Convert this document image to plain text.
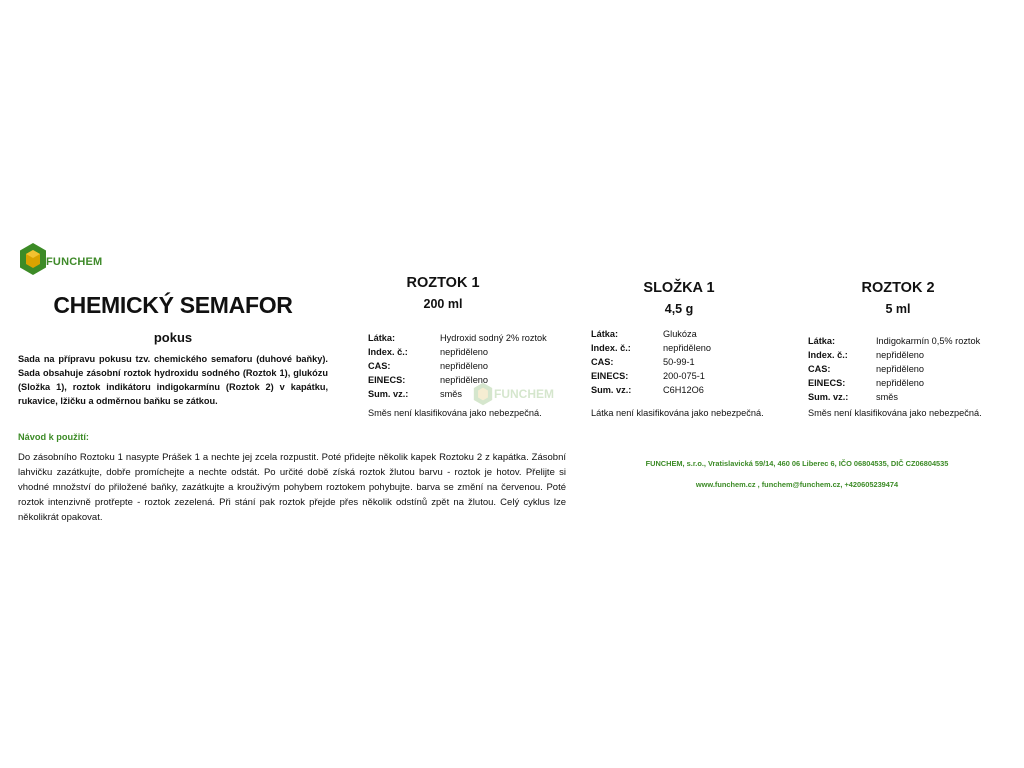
FUNCHEM
CHEMICKÝ SEMAFOR
pokus
Sada na přípravu pokusu tzv. chemického semaforu (duhové baňky). Sada obsahuje zásobní roztok hydroxidu sodného (Roztok 1), glukózu (Složka 1), roztok indikátoru indigokarmínu (Roztok 2) v kapátku, rukavice, lžičku a odměrnou baňku se zátkou.
Návod k použití:
Do zásobního Roztoku 1 nasypte Prášek 1 a nechte jej zcela rozpustit. Poté přidejte několik kapek Roztoku 2 z kapátka. Zásobní lahvičku zazátkujte, dobře promíchejte a nechte odstát. Po určité době získá roztok žlutou barvu - roztok je hotov. Přelijte si vhodné množství do přiložené baňky, zazátkujte a krouživým pohybem roztokem pohybujte. barva se změní na červenou. Poté roztok intenzivně protřepte - roztok zezelená. Při stání pak roztok přejde přes několik odstínů zpět na žlutou. Celý cyklus lze několikrát opakovat.
FUNCHEM
ROZTOK 1
200 ml
Látka:	Hydroxid sodný 2% roztok
Index. č.:	nepřiděleno
CAS:	nepřiděleno
EINECS:	nepřiděleno
Sum. vz.:	směs
Směs není klasifikována jako nebezpečná.
SLOŽKA 1
4,5 g
Látka:	Glukóza
Index. č.:	nepřiděleno
CAS:	50-99-1
EINECS:	200-075-1
Sum. vz.:	C6H12O6
Látka není klasifikována jako nebezpečná.
ROZTOK 2
5 ml
Látka:	Indigokarmín 0,5% roztok
Index. č.:	nepřiděleno
CAS:	nepřiděleno
EINECS:	nepřiděleno
Sum. vz.:	směs
Směs není klasifikována jako nebezpečná.
FUNCHEM, s.r.o., Vratislavická 59/14, 460 06 Liberec 6, IČO 06804535, DIČ CZ06804535
www.funchem.cz , funchem@funchem.cz, +420605239474
